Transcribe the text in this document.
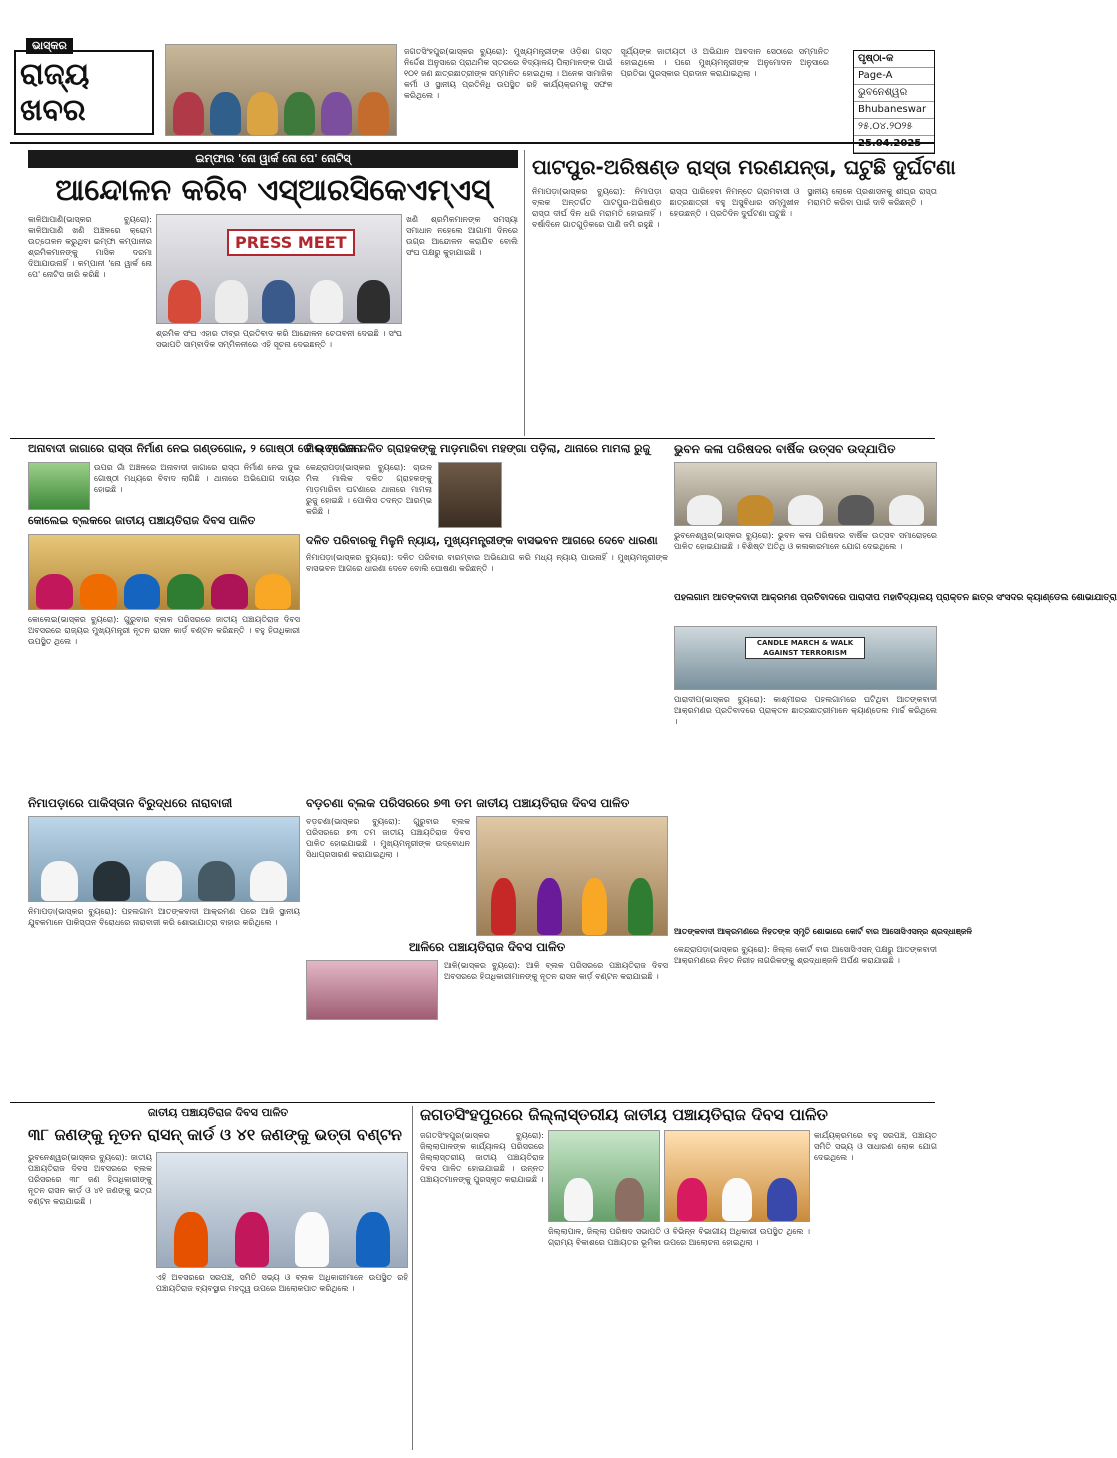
ଭାସ୍କର
ରାଜ୍ୟ
ଖବର
ଜଗତସିଂହପୁର(ଭାସ୍କର ବ୍ୟୁରୋ): ମୁଖ୍ୟମନ୍ତ୍ରୀଙ୍କ ଓଡ଼ିଶା ଗସ୍ତ ନିର୍ଦ୍ଦେଶ ଅନୁସାରେ ପ୍ରାଥମିକ ସ୍ତରରେ ବିଦ୍ୟାଳୟ ପିଲାମାନଙ୍କ ପାଇଁ ୧୦୧ ଜଣ ଛାତ୍ରଛାତ୍ରୀଙ୍କ ସମ୍ମାନିତ ହୋଇଥିଲା । ଅନେକ ସାମାଜିକ କର୍ମୀ ଓ ସ୍ଥାନୀୟ ପ୍ରତିନିଧି ଉପସ୍ଥିତ ରହି କାର୍ଯ୍ୟକ୍ରମକୁ ସଫଳ କରିଥିଲେ ।
ସୂର୍ଯ୍ୟଙ୍କ ଜାତୀୟତୀ ଓ ଅଭିଯାନ ଆବଦାନ ସେଠାରେ ସମ୍ମାନିତ ହୋଇଥିଲେ । ପରେ ମୁଖ୍ୟମନ୍ତ୍ରୀଙ୍କ ଅନୁମୋଦନ ଅନୁସାରେ ପ୍ରତିଭା ପୁରସ୍କାର ପ୍ରଦାନ କରାଯାଇଥିଲା ।
ପୃଷ୍ଠା-କ
Page-A
ଭୁବନେଶ୍ୱର
Bhubaneswar
୨୫.୦୪.୨୦୨୫
ଇମ୍ଫାର 'ନୋ ୱାର୍କ ନୋ ପେ' ନୋଟିସ୍
ଆନ୍ଦୋଳନ କରିବ ଏସ୍ଆରସିକେଏମ୍ଏସ୍
କାଳିଆପାଣି(ଭାସ୍କର ବ୍ୟୁରୋ): କାଳିଆପାଣି ଖଣି ଅଞ୍ଚଳରେ କ୍ରୋମ ଉତ୍ତୋଳନ କରୁଥିବା ଇମ୍ଫା କମ୍ପାନୀର ଶ୍ରମିକମାନଙ୍କୁ ମାସିକ ଦରମା ଦିଆଯାଉନାହିଁ । କମ୍ପାନୀ 'ନୋ ୱାର୍କ ନୋ ପେ' ନୋଟିସ ଜାରି କରିଛି ।
PRESS MEET
ଶ୍ରମିକ ସଂଘ ଏହାର ତୀବ୍ର ପ୍ରତିବାଦ କରି ଆନ୍ଦୋଳନ ଚେତାବନୀ ଦେଇଛି । ସଂଘ ସଭାପତି ସାମ୍ବାଦିକ ସମ୍ମିଳନୀରେ ଏହି ସୂଚନା ଦେଇଛନ୍ତି ।
ଖଣି ଶ୍ରମିକମାନଙ୍କ ସମସ୍ୟା ସମାଧାନ ନହେଲେ ଆଗାମୀ ଦିନରେ ଉଗ୍ର ଆନ୍ଦୋଳନ କରାଯିବ ବୋଲି ସଂଘ ପକ୍ଷରୁ କୁହାଯାଇଛି ।
ପାଟପୁର-ଅରିଷଣ୍ଡ ରାସ୍ତା ମରଣଯନ୍ତା, ଘଟୁଛି ଦୁର୍ଘଟଣା
ନିମାପଡ଼ା(ଭାସ୍କର ବ୍ୟୁରୋ): ନିମାପଡ଼ା ବ୍ଲକ ଅନ୍ତର୍ଗତ ପାଟପୁର-ଅରିଷଣ୍ଡ ରାସ୍ତା ଦୀର୍ଘ ଦିନ ଧରି ମରାମତି ହୋଇନାହିଁ । ବର୍ଷାଦିନେ ଗାତଗୁଡ଼ିକରେ ପାଣି ଜମି ରହୁଛି ।
ରାସ୍ତା ପାରିହେବା ନିମନ୍ତେ ଗ୍ରାମବାସୀ ଓ ଛାତ୍ରଛାତ୍ରୀ ବହୁ ଅସୁବିଧାର ସମ୍ମୁଖୀନ ହେଉଛନ୍ତି । ପ୍ରତିଦିନ ଦୁର୍ଘଟଣା ଘଟୁଛି ।
ସ୍ଥାନୀୟ ଲୋକେ ପ୍ରଶାସନକୁ ଶୀଘ୍ର ରାସ୍ତା ମରାମତି କରିବା ପାଇଁ ଦାବି କରିଛନ୍ତି ।
ଅନାବାଦୀ ଜାଗାରେ ରାସ୍ତା ନିର୍ମାଣ ନେଇ ଗଣ୍ଡଗୋଳ, ୨ ଗୋଷ୍ଠୀ ରେ ଉତ୍ତେଜନା
ଉପର ଗାଁ ଅଞ୍ଚଳରେ ଅନାବାଦୀ ଜାଗାରେ ରାସ୍ତା ନିର୍ମାଣ ନେଇ ଦୁଇ ଗୋଷ୍ଠୀ ମଧ୍ୟରେ ବିବାଦ ଲାଗିଛି । ଥାନାରେ ଅଭିଯୋଗ ଦାୟର ହୋଇଛି ।
ମିଲ୍ ମାଲିକ ଦଳିତ ଗ୍ରାହକଙ୍କୁ ମାଡ଼ମାରିବା ମହଙ୍ଗା ପଡ଼ିଲା, ଥାନାରେ ମାମଲା ରୁଜୁ
କେନ୍ଦ୍ରାପଡ଼ା(ଭାସ୍କର ବ୍ୟୁରୋ): ଚାଉଳ ମିଲ ମାଲିକ ଦଳିତ ଗ୍ରାହକଙ୍କୁ ମାଡ଼ମାରିବା ଘଟଣାରେ ଥାନାରେ ମାମଲା ରୁଜୁ ହୋଇଛି । ପୋଲିସ ତଦନ୍ତ ଆରମ୍ଭ କରିଛି ।
ଭୁବନ କଳା ପରିଷଦର ବାର୍ଷିକ ଉତ୍ସବ ଉଦ୍ଯାପିତ
ଭୁବନେଶ୍ୱର(ଭାସ୍କର ବ୍ୟୁରୋ): ଭୁବନ କଳା ପରିଷଦର ବାର୍ଷିକ ଉତ୍ସବ ସମାରୋହରେ ପାଳିତ ହୋଇଯାଇଛି । ବିଶିଷ୍ଟ ଅତିଥି ଓ କଳାକାରମାନେ ଯୋଗ ଦେଇଥିଲେ ।
କୋଲେଇ ବ୍ଲକରେ ଜାତୀୟ ପଞ୍ଚାୟତିରାଜ ଦିବସ ପାଳିତ
କୋଲେଇ(ଭାସ୍କର ବ୍ୟୁରୋ): ଗୁରୁବାର ବ୍ଲକ ପରିସରରେ ଜାତୀୟ ପଞ୍ଚାୟତିରାଜ ଦିବସ ଅବସରରେ ରାଜ୍ୟର ମୁଖ୍ୟମନ୍ତ୍ରୀ ନୂତନ ରାସନ କାର୍ଡ଼ ବଣ୍ଟନ କରିଛନ୍ତି । ବହୁ ହିତାଧିକାରୀ ଉପସ୍ଥିତ ଥିଲେ ।
ଦଳିତ ପରିବାରକୁ ମିଳୁନି ନ୍ୟାୟ, ମୁଖ୍ୟମନ୍ତ୍ରୀଙ୍କ ବାସଭବନ ଆଗରେ ଦେବେ ଧାରଣା
ନିମାପଡ଼ା(ଭାସ୍କର ବ୍ୟୁରୋ): ଦଳିତ ପରିବାର ବାରମ୍ବାର ଅଭିଯୋଗ କରି ମଧ୍ୟ ନ୍ୟାୟ ପାଉନାହିଁ । ମୁଖ୍ୟମନ୍ତ୍ରୀଙ୍କ ବାସଭବନ ଆଗରେ ଧାରଣା ଦେବେ ବୋଲି ଘୋଷଣା କରିଛନ୍ତି ।
ପହଲଗାମ ଆତଙ୍କବାଦୀ ଆକ୍ରମଣ ପ୍ରତିବାଦରେ ପାରାଦୀପ ମହାବିଦ୍ୟାଳୟ ପ୍ରାକ୍ତନ ଛାତ୍ର ସଂସଦର କ୍ୟାଣ୍ଡେଲ ଶୋଭାଯାତ୍ରା
CANDLE MARCH & WALK AGAINST TERRORISM
ପାରାଦୀପ(ଭାସ୍କର ବ୍ୟୁରୋ): କାଶ୍ମୀରର ପହଲଗାମରେ ଘଟିଥିବା ଆତଙ୍କବାଦୀ ଆକ୍ରମଣର ପ୍ରତିବାଦରେ ପ୍ରାକ୍ତନ ଛାତ୍ରଛାତ୍ରୀମାନେ କ୍ୟାଣ୍ଡେଲ ମାର୍ଚ୍ଚ କରିଥିଲେ ।
ନିମାପଡ଼ାରେ ପାକିସ୍ତାନ ବିରୁଦ୍ଧରେ ନାରାବାଜୀ
ନିମାପଡ଼ା(ଭାସ୍କର ବ୍ୟୁରୋ): ପହଲଗାମ ଆତଙ୍କବାଦୀ ଆକ୍ରମଣ ପରେ ଆଜି ସ୍ଥାନୀୟ ଯୁବକମାନେ ପାକିସ୍ତାନ ବିରୋଧରେ ନାରାବାଜୀ କରି ଶୋଭାଯାତ୍ରା ବାହାର କରିଥିଲେ ।
ବଡ଼ଚଣା ବ୍ଲକ ପରିସରରେ ୭୩ ତମ ଜାତୀୟ ପଞ୍ଚାୟତିରାଜ ଦିବସ ପାଳିତ
ବଡ଼ଚଣା(ଭାସ୍କର ବ୍ୟୁରୋ): ଗୁରୁବାର ବ୍ଲକ ପରିସରରେ ୭୩ ତମ ଜାତୀୟ ପଞ୍ଚାୟତିରାଜ ଦିବସ ପାଳିତ ହୋଇଯାଇଛି । ମୁଖ୍ୟମନ୍ତ୍ରୀଙ୍କ ଉଦ୍ବୋଧନ ସିଧାପ୍ରସାରଣ କରାଯାଇଥିଲା ।
ଆଳିରେ ପଞ୍ଚାୟତିରାଜ ଦିବସ ପାଳିତ
ଆଳି(ଭାସ୍କର ବ୍ୟୁରୋ): ଆଳି ବ୍ଲକ ପରିସରରେ ପଞ୍ଚାୟତିରାଜ ଦିବସ ଅବସରରେ ହିତାଧିକାରୀମାନଙ୍କୁ ନୂତନ ରାସନ କାର୍ଡ଼ ବଣ୍ଟନ କରାଯାଇଛି ।
ଆତଙ୍କବାଦୀ ଆକ୍ରମଣରେ ନିହତଙ୍କ ସ୍ମୃତି ଶୋଭାରେ କୋର୍ଟ ବାର ଆସୋସିଏସନ୍ର ଶ୍ରଦ୍ଧାଞ୍ଜଳି
କେନ୍ଦ୍ରାପଡ଼ା(ଭାସ୍କର ବ୍ୟୁରୋ): ଜିଲ୍ଲା କୋର୍ଟ ବାର ଆସୋସିଏସନ୍ ପକ୍ଷରୁ ଆତଙ୍କବାଦୀ ଆକ୍ରମଣରେ ନିହତ ନିରୀହ ନାଗରିକଙ୍କୁ ଶ୍ରଦ୍ଧାଞ୍ଜଳି ଅର୍ପଣ କରାଯାଇଛି ।
ଜାତୀୟ ପଞ୍ଚାୟତିରାଜ ଦିବସ ପାଳିତ
୩୮ ଜଣଙ୍କୁ ନୂତନ ରାସନ୍ କାର୍ଡ ଓ ୪୧ ଜଣଙ୍କୁ ଭତ୍ତା ବଣ୍ଟନ
ଭୁବନେଶ୍ୱର(ଭାସ୍କର ବ୍ୟୁରୋ): ଜାତୀୟ ପଞ୍ଚାୟତିରାଜ ଦିବସ ଅବସରରେ ବ୍ଲକ ପରିସରରେ ୩୮ ଜଣ ହିତାଧିକାରୀଙ୍କୁ ନୂତନ ରାସନ କାର୍ଡ଼ ଓ ୪୧ ଜଣଙ୍କୁ ଭତ୍ତା ବଣ୍ଟନ କରାଯାଇଛି ।
ଏହି ଅବସରରେ ସରପଞ୍ଚ, ସମିତି ସଭ୍ୟ ଓ ବ୍ଲକ ଅଧିକାରୀମାନେ ଉପସ୍ଥିତ ରହି ପଞ୍ଚାୟତିରାଜ ବ୍ୟବସ୍ଥାର ମହତ୍ତ୍ୱ ଉପରେ ଆଲୋକପାତ କରିଥିଲେ ।
ଜଗତସିଂହପୁରରେ ଜିଲ୍ଲାସ୍ତରୀୟ ଜାତୀୟ ପଞ୍ଚାୟତିରାଜ ଦିବସ ପାଳିତ
ଜଗତସିଂହପୁର(ଭାସ୍କର ବ୍ୟୁରୋ): ଜିଲ୍ଲାପାଳଙ୍କ କାର୍ଯ୍ୟାଳୟ ପରିସରରେ ଜିଲ୍ଲାସ୍ତରୀୟ ଜାତୀୟ ପଞ୍ଚାୟତିରାଜ ଦିବସ ପାଳିତ ହୋଇଯାଇଛି । ଉନ୍ନତ ପଞ୍ଚାୟତମାନଙ୍କୁ ପୁରସ୍କୃତ କରାଯାଇଛି ।
ଜିଲ୍ଲାପାଳ, ଜିଲ୍ଲା ପରିଷଦ ସଭାପତି ଓ ବିଭିନ୍ନ ବିଭାଗୀୟ ଅଧିକାରୀ ଉପସ୍ଥିତ ଥିଲେ । ଗ୍ରାମ୍ୟ ବିକାଶରେ ପଞ୍ଚାୟତର ଭୂମିକା ଉପରେ ଆଲୋଚନା ହୋଇଥିଲା ।
କାର୍ଯ୍ୟକ୍ରମରେ ବହୁ ସରପଞ୍ଚ, ପଞ୍ଚାୟତ ସମିତି ସଭ୍ୟ ଓ ସାଧାରଣ ଲୋକ ଯୋଗ ଦେଇଥିଲେ ।
